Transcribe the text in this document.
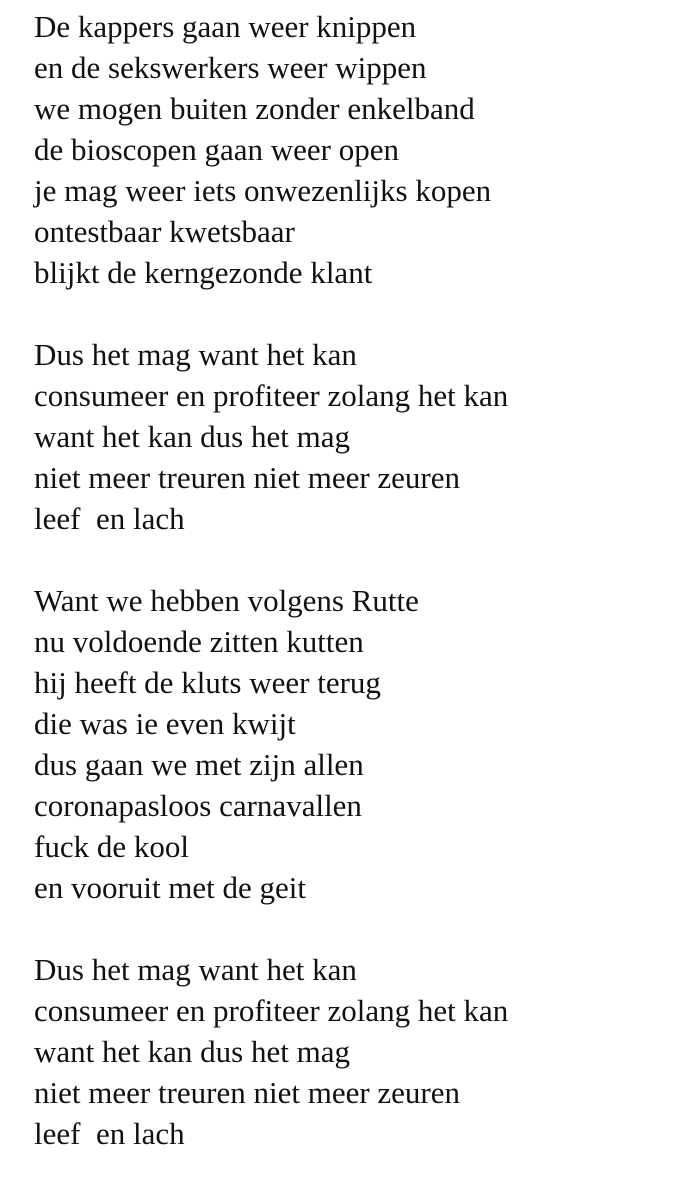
De kappers gaan weer knippen
en de sekswerkers weer wippen
we mogen buiten zonder enkelband
de bioscopen gaan weer open
je mag weer iets onwezenlijks kopen
ontestbaar kwetsbaar
blijkt de kerngezonde klant
Dus het mag want het kan
consumeer en profiteer zolang het kan
want het kan dus het mag
niet meer treuren niet meer zeuren
leef  en lach
Want we hebben volgens Rutte
nu voldoende zitten kutten
hij heeft de kluts weer terug
die was ie even kwijt
dus gaan we met zijn allen
coronapasloos carnavallen
fuck de kool
en vooruit met de geit
Dus het mag want het kan
consumeer en profiteer zolang het kan
want het kan dus het mag
niet meer treuren niet meer zeuren
leef  en lach
